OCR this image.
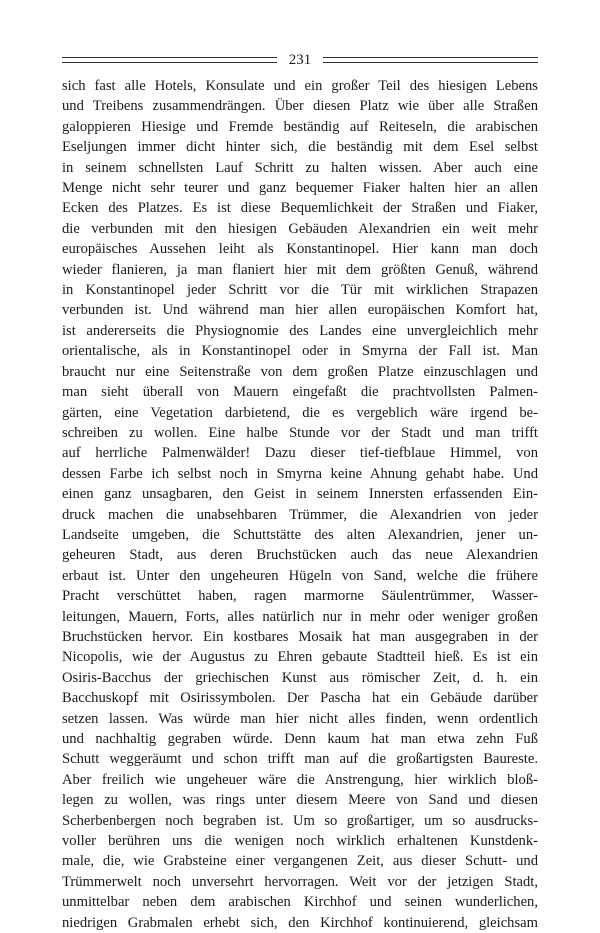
231
sich fast alle Hotels, Konsulate und ein großer Teil des hiesigen Lebens
und Treibens zusammendrängen. Über diesen Platz wie über alle Straßen
galoppieren Hiesige und Fremde beständig auf Reiteseln, die arabischen
Eseljungen immer dicht hinter sich, die beständig mit dem Esel selbst
in seinem schnellsten Lauf Schritt zu halten wissen. Aber auch eine
Menge nicht sehr teurer und ganz bequemer Fiaker halten hier an allen
Ecken des Platzes. Es ist diese Bequemlichkeit der Straßen und Fiaker,
die verbunden mit den hiesigen Gebäuden Alexandrien ein weit mehr
europäisches Aussehen leiht als Konstantinopel. Hier kann man doch
wieder flanieren, ja man flaniert hier mit dem größten Genuß, während
in Konstantinopel jeder Schritt vor die Tür mit wirklichen Strapazen
verbunden ist. Und während man hier allen europäischen Komfort hat,
ist andererseits die Physiognomie des Landes eine unvergleichlich mehr
orientalische, als in Konstantinopel oder in Smyrna der Fall ist. Man
braucht nur eine Seitenstraße von dem großen Platze einzuschlagen und
man sieht überall von Mauern eingefaßt die prachtvollsten Palmen-
gärten, eine Vegetation darbietend, die es vergeblich wäre irgend be-
schreiben zu wollen. Eine halbe Stunde vor der Stadt und man trifft
auf herrliche Palmenwälder! Dazu dieser tief-tiefblaue Himmel, von
dessen Farbe ich selbst noch in Smyrna keine Ahnung gehabt habe. Und
einen ganz unsagbaren, den Geist in seinem Innersten erfassenden Ein-
druck machen die unabsehbaren Trümmer, die Alexandrien von jeder
Landseite umgeben, die Schuttstätte des alten Alexandrien, jener un-
geheuren Stadt, aus deren Bruchstücken auch das neue Alexandrien
erbaut ist. Unter den ungeheuren Hügeln von Sand, welche die frühere
Pracht verschüttet haben, ragen marmorne Säulentrümmer, Wasser-
leitungen, Mauern, Forts, alles natürlich nur in mehr oder weniger großen
Bruchstücken hervor. Ein kostbares Mosaik hat man ausgegraben in der
Nicopolis, wie der Augustus zu Ehren gebaute Stadtteil hieß. Es ist ein
Osiris-Bacchus der griechischen Kunst aus römischer Zeit, d. h. ein
Bacchuskopf mit Osirissymbolen. Der Pascha hat ein Gebäude darüber
setzen lassen. Was würde man hier nicht alles finden, wenn ordentlich
und nachhaltig gegraben würde. Denn kaum hat man etwa zehn Fuß
Schutt weggeräumt und schon trifft man auf die großartigsten Baureste.
Aber freilich wie ungeheuer wäre die Anstrengung, hier wirklich bloß-
legen zu wollen, was rings unter diesem Meere von Sand und diesen
Scherbenbergen noch begraben ist. Um so großartiger, um so ausdrucks-
voller berühren uns die wenigen noch wirklich erhaltenen Kunstdenk-
male, die, wie Grabsteine einer vergangenen Zeit, aus dieser Schutt- und
Trümmerwelt noch unversehrt hervorragen. Weit vor der jetzigen Stadt,
unmittelbar neben dem arabischen Kirchhof und seinen wunderlichen,
niedrigen Grabmalen erhebt sich, den Kirchhof kontinuierend, gleichsam
